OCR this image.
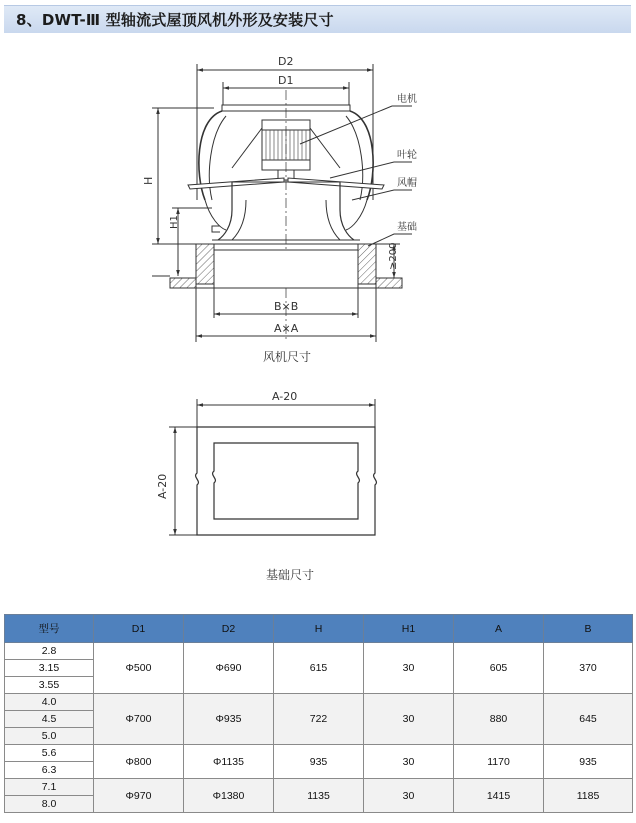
8、DWT-Ⅲ 型轴流式屋顶风机外形及安装尺寸
D2
D1
H
H1
≥200
B×B
A×A
电机
叶轮
风帽
基础
风机尺寸
A-20
A-20
基础尺寸
型号	D1	D2	H	H1	A	B
2.8	Φ500	Φ690	615	30	605	370
3.15						
3.55						
4.0	Φ700	Φ935	722	30	880	645
4.5						
5.0						
5.6	Φ800	Φ1135	935	30	1170	935
6.3						
7.1	Φ970	Φ1380	1135	30	1415	1185
8.0						
